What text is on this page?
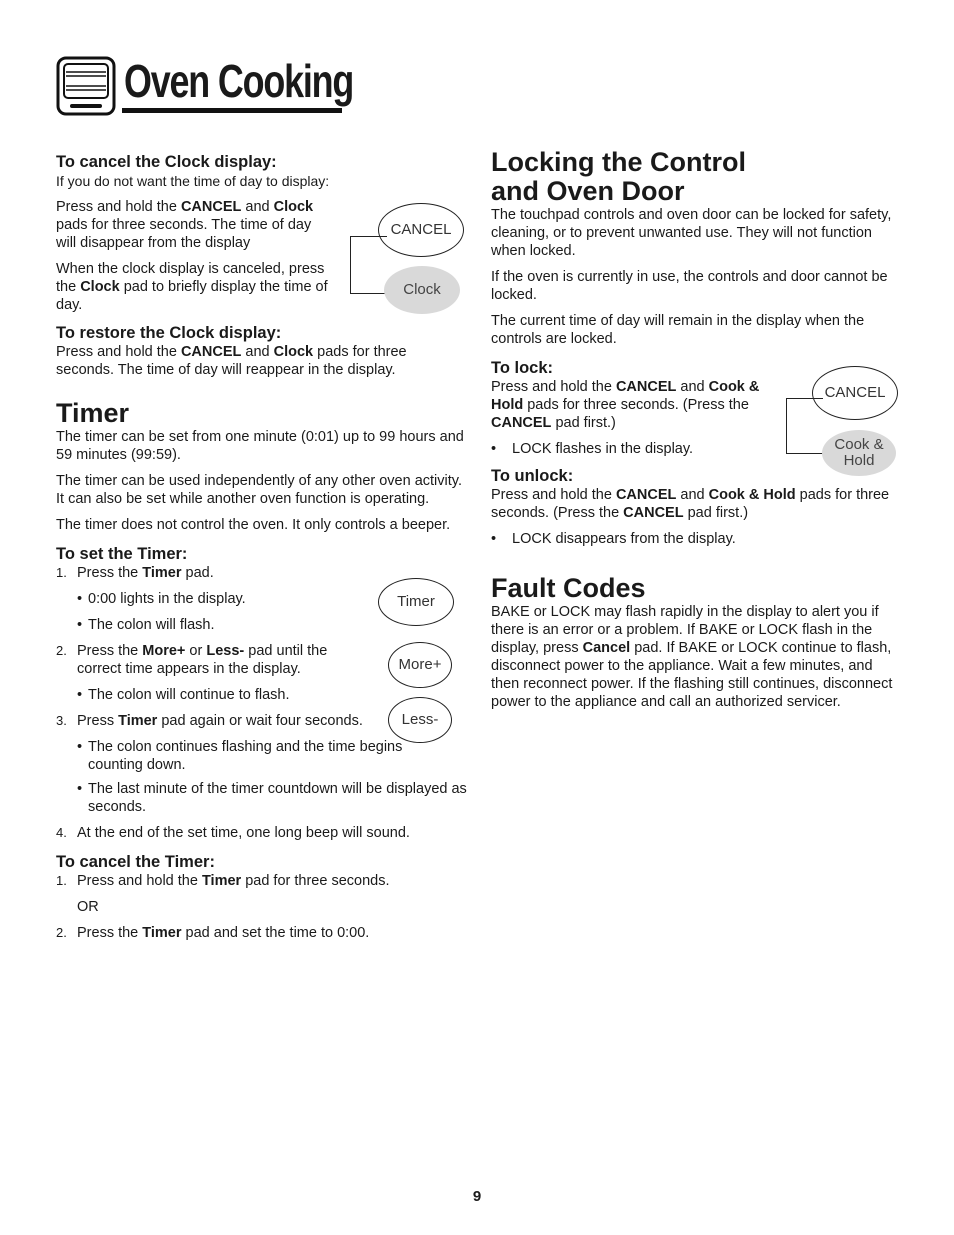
Oven Cooking
To cancel the Clock display:

If you do not want the time of day to display:

Press and hold the CANCEL and Clock pads for three seconds. The time of day will disappear from the display

When the clock display is canceled, press the Clock pad to briefly display the time of day.

To restore the Clock display:

Press and hold the CANCEL and Clock pads for three seconds. The time of day will reappear in the display.

Timer

The timer can be set from one minute (0:01) up to 99 hours and 59 minutes (99:59).

The timer can be used independently of any other oven activity. It can also be set while another oven function is operating.

The timer does not control the oven. It only controls a beeper.

To set the Timer:
1. Press the Timer pad.
• 0:00 lights in the display.
• The colon will flash.
2. Press the More+ or Less- pad until the correct time appears in the display.
• The colon will continue to flash.
3. Press Timer pad again or wait four seconds.
• The colon continues flashing and the time begins counting down.
• The last minute of the timer countdown will be displayed as seconds.
4. At the end of the set time, one long beep will sound.
To cancel the Timer:
1. Press and hold the Timer pad for three seconds.
OR
2. Press the Timer pad and set the time to 0:00.
CANCEL
Clock
Timer
More+
Less-
Locking the Control
and Oven Door

The touchpad controls and oven door can be locked for safety, cleaning, or to prevent unwanted use. They will not function when locked.

If the oven is currently in use, the controls and door cannot be locked.

The current time of day will remain in the display when the controls are locked.

To lock:

Press and hold the CANCEL and Cook & Hold pads for three seconds. (Press the CANCEL pad first.)

•	LOCK flashes in the display.
To unlock:

Press and hold the CANCEL and Cook & Hold pads for three seconds. (Press the CANCEL pad first.)

•	LOCK disappears from the display.
Fault Codes

BAKE or LOCK may flash rapidly in the display to alert you if there is an error or a problem. If BAKE or LOCK flash in the display, press Cancel pad. If BAKE or LOCK continue to flash, disconnect power to the appliance. Wait a few minutes, and then reconnect power. If the flashing still continues, disconnect power to the appliance and call an authorized servicer.

CANCEL
Cook &
Hold
9
